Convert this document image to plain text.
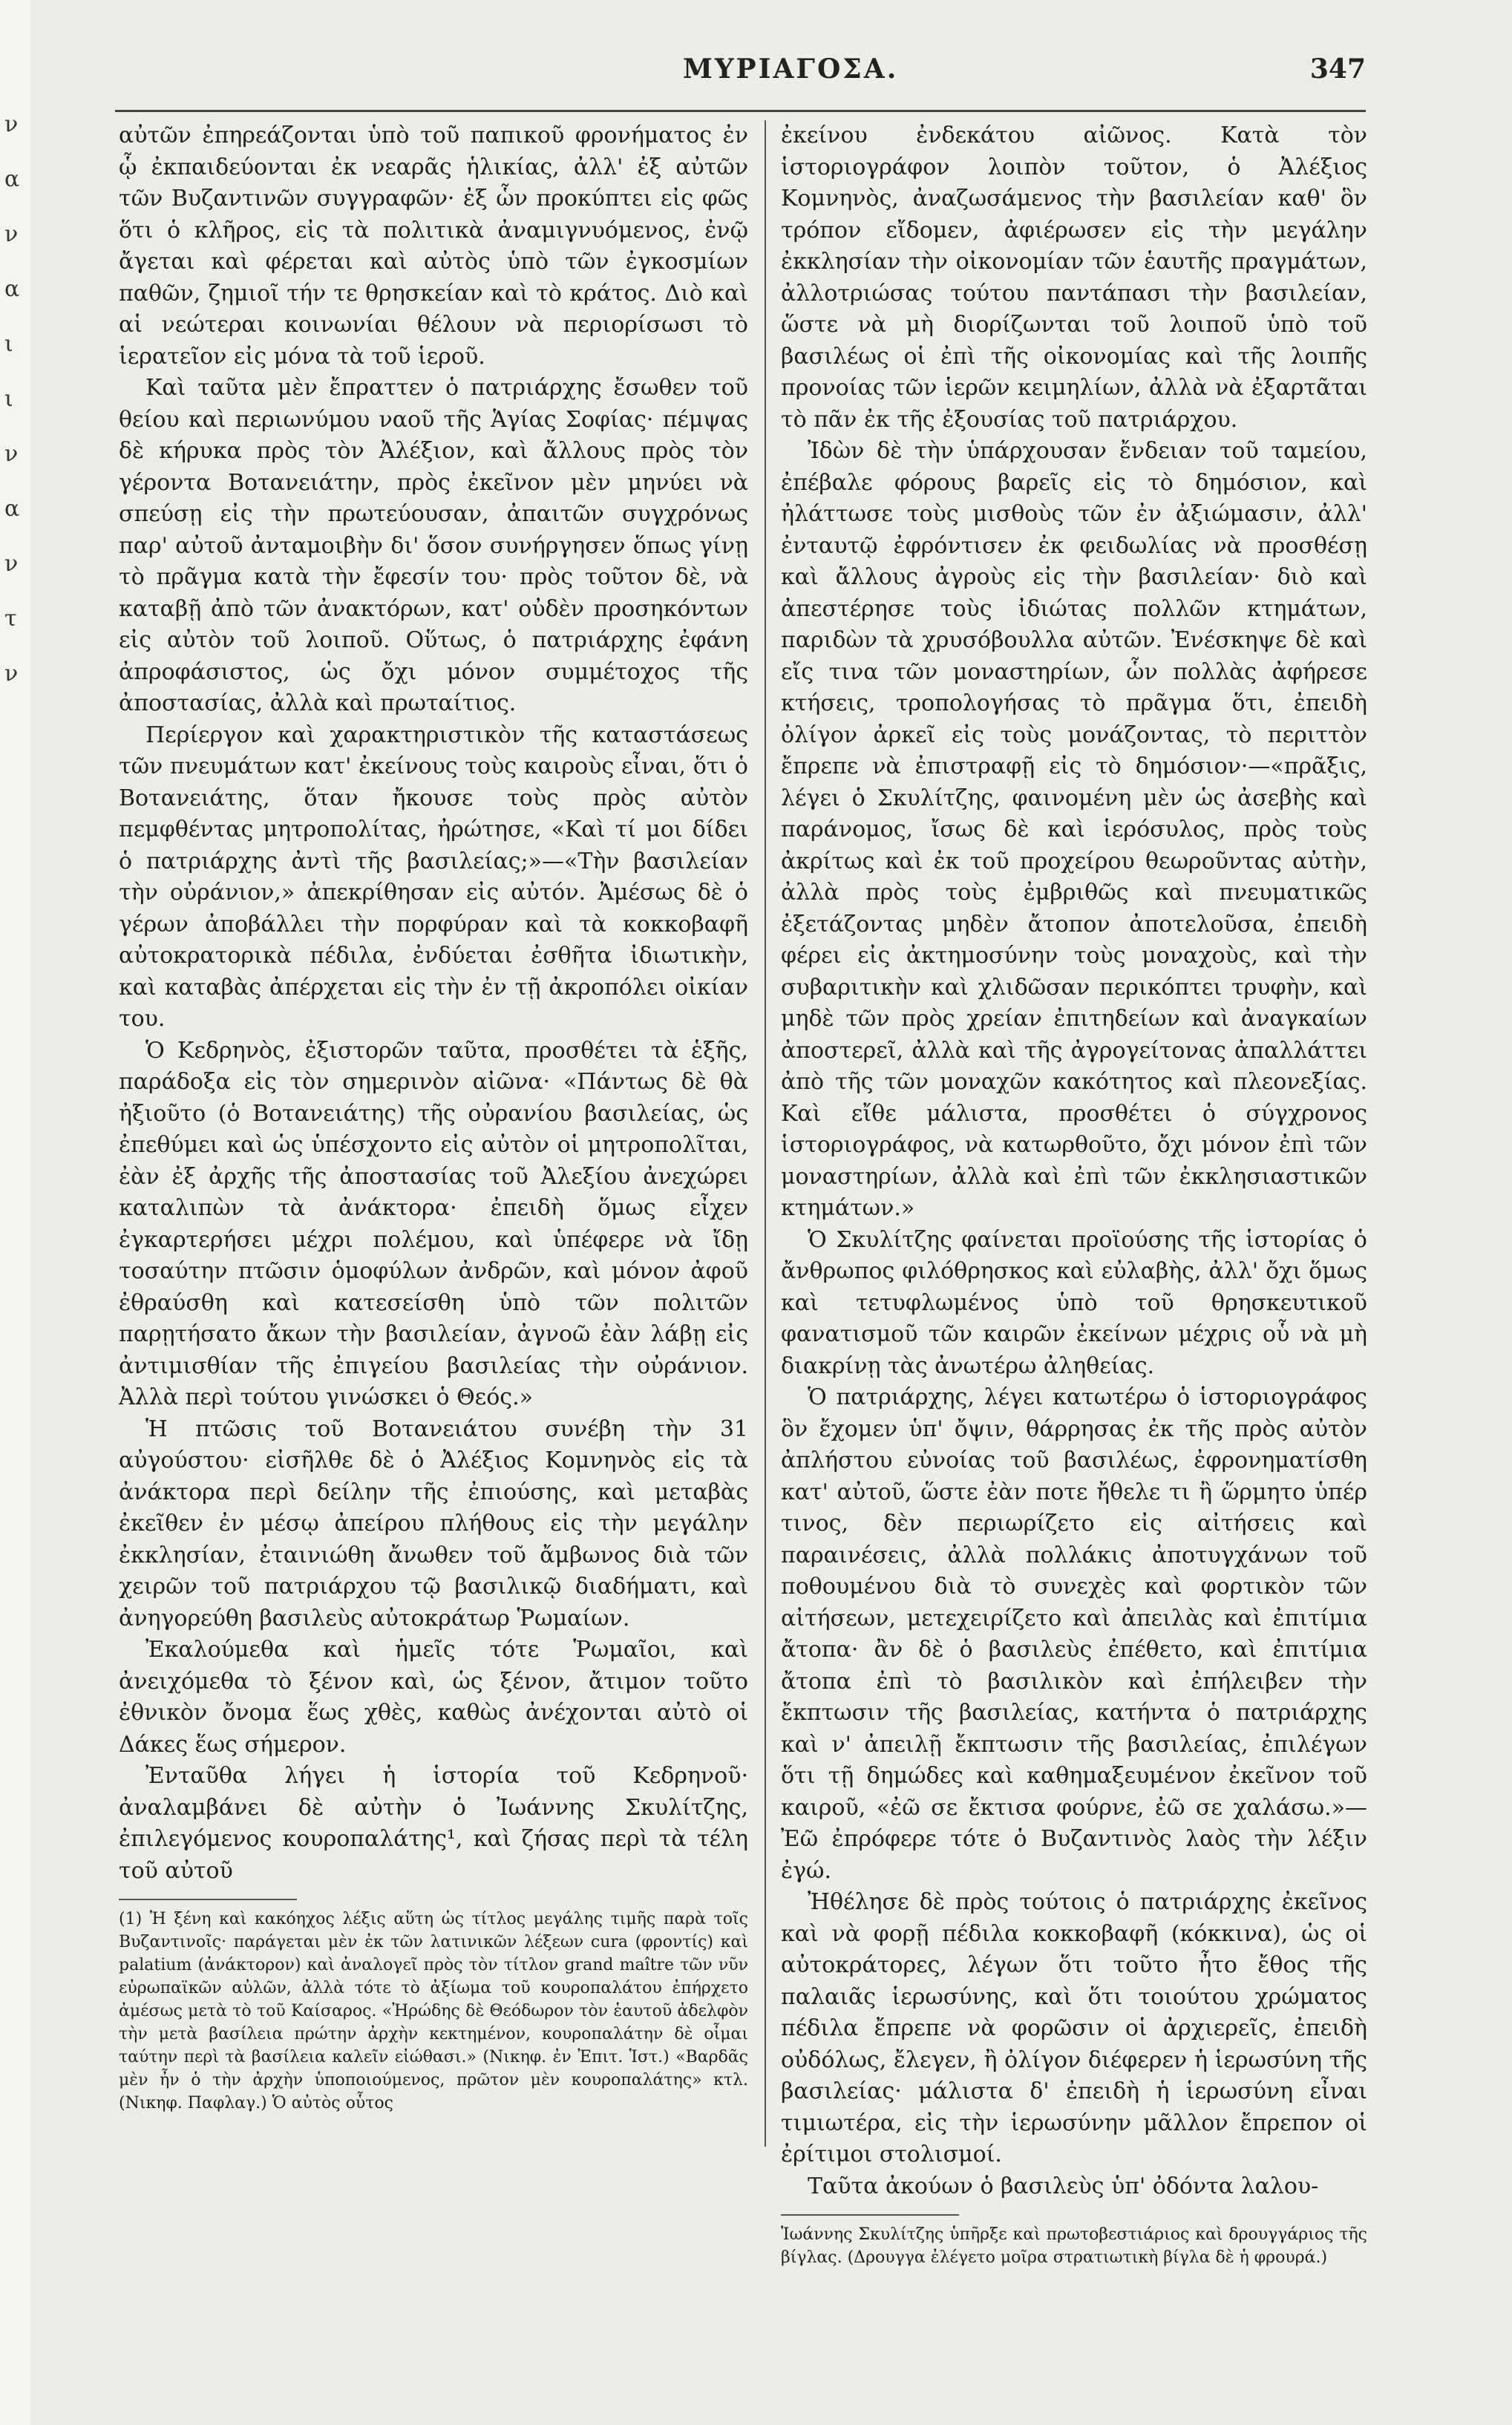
ν
α
ν
α
ι
ι
ν
α
ν
τ
ν
ΜΥΡΙΑΓΟΣΑ.	347

αὐτῶν ἐπηρεάζονται ὑπὸ τοῦ παπικοῦ φρονήματος ἐν ᾧ ἐκπαιδεύονται ἐκ νεαρᾶς ἡλικίας, ἀλλ' ἐξ αὐτῶν τῶν Βυζαντινῶν συγγραφῶν· ἐξ ὧν προκύπτει εἰς φῶς ὅτι ὁ κλῆρος, εἰς τὰ πολιτικὰ ἀναμιγνυόμενος, ἐνῷ ἄγεται καὶ φέρεται καὶ αὐτὸς ὑπὸ τῶν ἐγκοσμίων παθῶν, ζημιοῖ τήν τε θρησκείαν καὶ τὸ κράτος. Διὸ καὶ αἱ νεώτεραι κοινωνίαι θέλουν νὰ περιορίσωσι τὸ ἱερατεῖον εἰς μόνα τὰ τοῦ ἱεροῦ.

Καὶ ταῦτα μὲν ἔπραττεν ὁ πατριάρχης ἔσωθεν τοῦ θείου καὶ περιωνύμου ναοῦ τῆς Ἁγίας Σοφίας· πέμψας δὲ κήρυκα πρὸς τὸν Ἀλέξιον, καὶ ἄλλους πρὸς τὸν γέροντα Βοτανειάτην, πρὸς ἐκεῖνον μὲν μηνύει νὰ σπεύσῃ εἰς τὴν πρωτεύουσαν, ἀπαιτῶν συγχρόνως παρ' αὐτοῦ ἀνταμοιβὴν δι' ὅσον συνήργησεν ὅπως γίνῃ τὸ πρᾶγμα κατὰ τὴν ἔφεσίν του· πρὸς τοῦτον δὲ, νὰ καταβῇ ἀπὸ τῶν ἀνακτόρων, κατ' οὐδὲν προσηκόντων εἰς αὐτὸν τοῦ λοιποῦ. Οὕτως, ὁ πατριάρχης ἐφάνη ἀπροφάσιστος, ὡς ὄχι μόνον συμμέτοχος τῆς ἀποστασίας, ἀλλὰ καὶ πρωταίτιος.

Περίεργον καὶ χαρακτηριστικὸν τῆς καταστάσεως τῶν πνευμάτων κατ' ἐκείνους τοὺς καιροὺς εἶναι, ὅτι ὁ Βοτανειάτης, ὅταν ἤκουσε τοὺς πρὸς αὐτὸν πεμφθέντας μητροπολίτας, ἠρώτησε, «Καὶ τί μοι δίδει ὁ πατριάρχης ἀντὶ τῆς βασιλείας;»—«Τὴν βασιλείαν τὴν οὐράνιον,» ἀπεκρίθησαν εἰς αὐτόν. Ἀμέσως δὲ ὁ γέρων ἀποβάλλει τὴν πορφύραν καὶ τὰ κοκκοβαφῆ αὐτοκρατορικὰ πέδιλα, ἐνδύεται ἐσθῆτα ἰδιωτικὴν, καὶ καταβὰς ἀπέρχεται εἰς τὴν ἐν τῇ ἀκροπόλει οἰκίαν του.

Ὁ Κεδρηνὸς, ἐξιστορῶν ταῦτα, προσθέτει τὰ ἑξῆς, παράδοξα εἰς τὸν σημερινὸν αἰῶνα· «Πάντως δὲ θὰ ἠξιοῦτο (ὁ Βοτανειάτης) τῆς οὐρανίου βασιλείας, ὡς ἐπεθύμει καὶ ὡς ὑπέσχοντο εἰς αὐτὸν οἱ μητροπολῖται, ἐὰν ἐξ ἀρχῆς τῆς ἀποστασίας τοῦ Ἀλεξίου ἀνεχώρει καταλιπὼν τὰ ἀνάκτορα· ἐπειδὴ ὅμως εἶχεν ἐγκαρτερήσει μέχρι πολέμου, καὶ ὑπέφερε νὰ ἴδῃ τοσαύτην πτῶσιν ὁμοφύλων ἀνδρῶν, καὶ μόνον ἀφοῦ ἐθραύσθη καὶ κατεσείσθη ὑπὸ τῶν πολιτῶν παρῃτήσατο ἄκων τὴν βασιλείαν, ἀγνοῶ ἐὰν λάβῃ εἰς ἀντιμισθίαν τῆς ἐπιγείου βασιλείας τὴν οὐράνιον. Ἀλλὰ περὶ τούτου γινώσκει ὁ Θεός.»

Ἡ πτῶσις τοῦ Βοτανειάτου συνέβη τὴν 31 αὐγούστου· εἰσῆλθε δὲ ὁ Ἀλέξιος Κομνηνὸς εἰς τὰ ἀνάκτορα περὶ δείλην τῆς ἐπιούσης, καὶ μεταβὰς ἐκεῖθεν ἐν μέσῳ ἀπείρου πλήθους εἰς τὴν μεγάλην ἐκκλησίαν, ἐταινιώθη ἄνωθεν τοῦ ἄμβωνος διὰ τῶν χειρῶν τοῦ πατριάρχου τῷ βασιλικῷ διαδήματι, καὶ ἀνηγορεύθη βασιλεὺς αὐτοκράτωρ Ῥωμαίων.

Ἐκαλούμεθα καὶ ἡμεῖς τότε Ῥωμαῖοι, καὶ ἀνειχόμεθα τὸ ξένον καὶ, ὡς ξένον, ἄτιμον τοῦτο ἐθνικὸν ὄνομα ἕως χθὲς, καθὼς ἀνέχονται αὐτὸ οἱ Δάκες ἕως σήμερον.

Ἐνταῦθα λήγει ἡ ἱστορία τοῦ Κεδρηνοῦ· ἀναλαμβάνει δὲ αὐτὴν ὁ Ἰωάννης Σκυλίτζης, ἐπιλεγόμενος κουροπαλάτης¹, καὶ ζήσας περὶ τὰ τέλη τοῦ αὐτοῦ

(1) Ἡ ξένη καὶ κακόηχος λέξις αὕτη ὡς τίτλος μεγάλης τιμῆς παρὰ τοῖς Βυζαντινοῖς· παράγεται μὲν ἐκ τῶν λατινικῶν λέξεων cura (φροντίς) καὶ palatium (ἀνάκτορον) καὶ ἀναλογεῖ πρὸς τὸν τίτλον grand maître τῶν νῦν εὐρωπαϊκῶν αὐλῶν, ἀλλὰ τότε τὸ ἀξίωμα τοῦ κουροπαλάτου ἐπήρχετο ἀμέσως μετὰ τὸ τοῦ Καίσαρος. «Ἠρώδης δὲ Θεόδωρον τὸν ἑαυτοῦ ἀδελφὸν τὴν μετὰ βασίλεια πρώτην ἀρχὴν κεκτημένον, κουροπαλάτην δὲ οἶμαι ταύτην περὶ τὰ βασίλεια καλεῖν εἰώθασι.» (Νικηφ. ἐν Ἐπιτ. Ἱστ.) «Βαρδᾶς μὲν ἦν ὁ τὴν ἀρχὴν ὑποποιούμενος, πρῶτον μὲν κουροπαλάτης» κτλ. (Νικηφ. Παφλαγ.) Ὁ αὐτὸς οὗτος

ἐκείνου ἐνδεκάτου αἰῶνος. Κατὰ τὸν ἱστοριογράφον λοιπὸν τοῦτον, ὁ Ἀλέξιος Κομνηνὸς, ἀναζωσάμενος τὴν βασιλείαν καθ' ὃν τρόπον εἴδομεν, ἀφιέρωσεν εἰς τὴν μεγάλην ἐκκλησίαν τὴν οἰκονομίαν τῶν ἑαυτῆς πραγμάτων, ἀλλοτριώσας τούτου παντάπασι τὴν βασιλείαν, ὥστε νὰ μὴ διορίζωνται τοῦ λοιποῦ ὑπὸ τοῦ βασιλέως οἱ ἐπὶ τῆς οἰκονομίας καὶ τῆς λοιπῆς προνοίας τῶν ἱερῶν κειμηλίων, ἀλλὰ νὰ ἐξαρτᾶται τὸ πᾶν ἐκ τῆς ἐξουσίας τοῦ πατριάρχου.

Ἰδὼν δὲ τὴν ὑπάρχουσαν ἔνδειαν τοῦ ταμείου, ἐπέβαλε φόρους βαρεῖς εἰς τὸ δημόσιον, καὶ ἠλάττωσε τοὺς μισθοὺς τῶν ἐν ἀξιώμασιν, ἀλλ' ἐνταυτῷ ἐφρόντισεν ἐκ φειδωλίας νὰ προσθέσῃ καὶ ἄλλους ἀγροὺς εἰς τὴν βασιλείαν· διὸ καὶ ἀπεστέρησε τοὺς ἰδιώτας πολλῶν κτημάτων, παριδὼν τὰ χρυσόβουλλα αὐτῶν. Ἐνέσκηψε δὲ καὶ εἴς τινα τῶν μοναστηρίων, ὧν πολλὰς ἀφήρεσε κτήσεις, τροπολογήσας τὸ πρᾶγμα ὅτι, ἐπειδὴ ὀλίγον ἀρκεῖ εἰς τοὺς μονάζοντας, τὸ περιττὸν ἔπρεπε νὰ ἐπιστραφῇ εἰς τὸ δημόσιον·—«πρᾶξις, λέγει ὁ Σκυλίτζης, φαινομένη μὲν ὡς ἀσεβὴς καὶ παράνομος, ἴσως δὲ καὶ ἱερόσυλος, πρὸς τοὺς ἀκρίτως καὶ ἐκ τοῦ προχείρου θεωροῦντας αὐτὴν, ἀλλὰ πρὸς τοὺς ἐμβριθῶς καὶ πνευματικῶς ἐξετάζοντας μηδὲν ἄτοπον ἀποτελοῦσα, ἐπειδὴ φέρει εἰς ἀκτημοσύνην τοὺς μοναχοὺς, καὶ τὴν συβαριτικὴν καὶ χλιδῶσαν περικόπτει τρυφὴν, καὶ μηδὲ τῶν πρὸς χρείαν ἐπιτηδείων καὶ ἀναγκαίων ἀποστερεῖ, ἀλλὰ καὶ τῆς ἀγρογείτονας ἀπαλλάττει ἀπὸ τῆς τῶν μοναχῶν κακότητος καὶ πλεονεξίας. Καὶ εἴθε μάλιστα, προσθέτει ὁ σύγχρονος ἱστοριογράφος, νὰ κατωρθοῦτο, ὄχι μόνον ἐπὶ τῶν μοναστηρίων, ἀλλὰ καὶ ἐπὶ τῶν ἐκκλησιαστικῶν κτημάτων.»

Ὁ Σκυλίτζης φαίνεται προϊούσης τῆς ἱστορίας ὁ ἄνθρωπος φιλόθρησκος καὶ εὐλαβὴς, ἀλλ' ὄχι ὅμως καὶ τετυφλωμένος ὑπὸ τοῦ θρησκευτικοῦ φανατισμοῦ τῶν καιρῶν ἐκείνων μέχρις οὗ νὰ μὴ διακρίνῃ τὰς ἀνωτέρω ἀληθείας.

Ὁ πατριάρχης, λέγει κατωτέρω ὁ ἱστοριογράφος ὃν ἔχομεν ὑπ' ὄψιν, θάρρησας ἐκ τῆς πρὸς αὐτὸν ἀπλήστου εὐνοίας τοῦ βασιλέως, ἐφρονηματίσθη κατ' αὐτοῦ, ὥστε ἐὰν ποτε ἤθελε τι ἢ ὥρμητο ὑπέρ τινος, δὲν περιωρίζετο εἰς αἰτήσεις καὶ παραινέσεις, ἀλλὰ πολλάκις ἀποτυγχάνων τοῦ ποθουμένου διὰ τὸ συνεχὲς καὶ φορτικὸν τῶν αἰτήσεων, μετεχειρίζετο καὶ ἀπειλὰς καὶ ἐπιτίμια ἄτοπα· ἂν δὲ ὁ βασιλεὺς ἐπέθετο, καὶ ἐπιτίμια ἄτοπα ἐπὶ τὸ βασιλικὸν καὶ ἐπήλειβεν τὴν ἔκπτωσιν τῆς βασιλείας, κατήντα ὁ πατριάρχης καὶ ν' ἀπειλῇ ἔκπτωσιν τῆς βασιλείας, ἐπιλέγων ὅτι τῇ δημώδες καὶ καθημαξευμένον ἐκεῖνον τοῦ καιροῦ, «ἐῶ σε ἔκτισα φούρνε, ἐῶ σε χαλάσω.»—Ἐῶ ἐπρόφερε τότε ὁ Βυζαντινὸς λαὸς τὴν λέξιν ἐγώ.

Ἠθέλησε δὲ πρὸς τούτοις ὁ πατριάρχης ἐκεῖνος καὶ νὰ φορῇ πέδιλα κοκκοβαφῆ (κόκκινα), ὡς οἱ αὐτοκράτορες, λέγων ὅτι τοῦτο ἦτο ἔθος τῆς παλαιᾶς ἱερωσύνης, καὶ ὅτι τοιούτου χρώματος πέδιλα ἔπρεπε νὰ φορῶσιν οἱ ἀρχιερεῖς, ἐπειδὴ οὐδόλως, ἔλεγεν, ἢ ὀλίγον διέφερεν ἡ ἱερωσύνη τῆς βασιλείας· μάλιστα δ' ἐπειδὴ ἡ ἱερωσύνη εἶναι τιμιωτέρα, εἰς τὴν ἱερωσύνην μᾶλλον ἔπρεπον οἱ ἐρίτιμοι στολισμοί.

Ταῦτα ἀκούων ὁ βασιλεὺς ὑπ' ὀδόντα λαλου-

Ἰωάννης Σκυλίτζης ὑπῆρξε καὶ πρωτοβεστιάριος καὶ δρουγγάριος τῆς βίγλας. (Δρουγγα ἐλέγετο μοῖρα στρατιωτικὴ βίγλα δὲ ἡ φρουρά.)
